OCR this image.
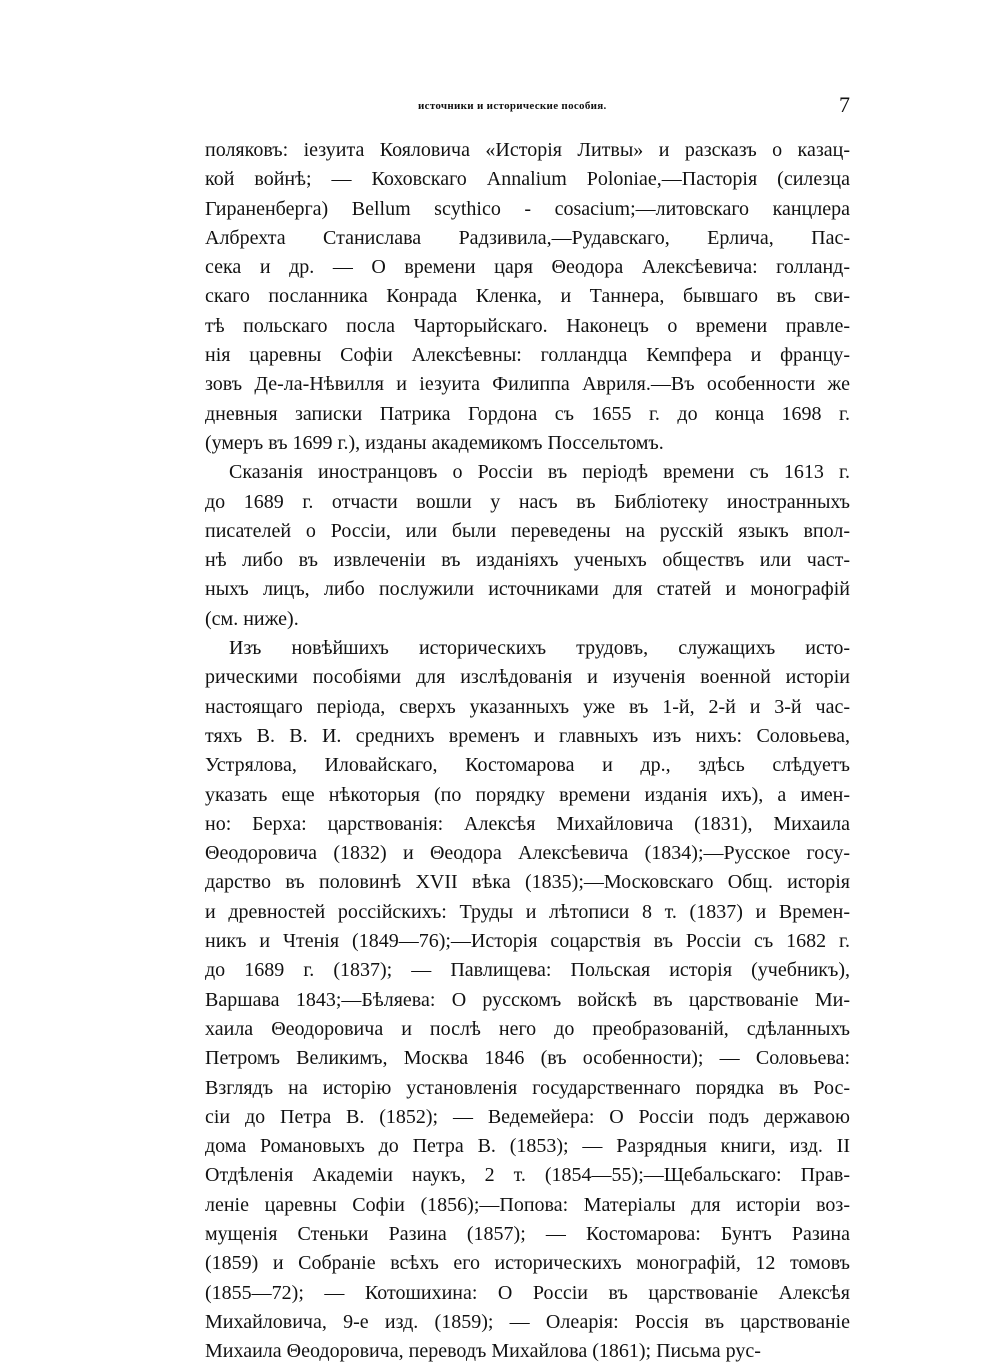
источники и исторические пособия.	7
поляковъ: іезуита Кояловича «Исторія Литвы» и разсказъ о казац-
кой войнѣ; — Коховскаго Annalium Poloniae,—Пасторія (силезца
Гираненберга) Bellum scythico - cosacium;—литовскаго канцлера
Албрехта Станислава Радзивила,—Рудавскаго, Ерлича, Пас-
сека и др. — О времени царя Θеодора Алексѣевича: голланд-
скаго посланника Конрада Кленка, и Таннера, бывшаго въ сви-
тѣ польскаго посла Чарторыйскаго. Наконецъ о времени правле-
нія царевны Софіи Алексѣевны: голландца Кемпфера и францу-
зовъ Де-ла-Нѣвилля и іезуита Филиппа Авриля.—Въ особенности же
дневныя записки Патрика Гордона съ 1655 г. до конца 1698 г.
(умеръ въ 1699 г.), изданы академикомъ Поссельтомъ.
Сказанія иностранцовъ о Россіи въ періодѣ времени съ 1613 г.
до 1689 г. отчасти вошли у насъ въ Библіотеку иностранныхъ
писателей о Россіи, или были переведены на русскій языкъ впол-
нѣ либо въ извлеченіи въ изданіяхъ ученыхъ обществъ или част-
ныхъ лицъ, либо послужили источниками для статей и монографій
(см. ниже).
Изъ новѣйшихъ историческихъ трудовъ, служащихъ исто-
рическими пособіями для изслѣдованія и изученія военной исторіи
настоящаго періода, сверхъ указанныхъ уже въ 1-й, 2-й и 3-й час-
тяхъ В. В. И. среднихъ временъ и главныхъ изъ нихъ: Соловьева,
Устрялова, Иловайскаго, Костомарова и др., здѣсь слѣдуетъ
указать еще нѣкоторыя (по порядку времени изданія ихъ), а имен-
но: Берха: царствованія: Алексѣя Михайловича (1831), Михаила
Θеодоровича (1832) и Θеодора Алексѣевича (1834);—Русское госу-
дарство въ половинѣ XVII вѣка (1835);—Московскаго Общ. исторія
и древностей россійскихъ: Труды и лѣтописи 8 т. (1837) и Времен-
никъ и Чтенія (1849—76);—Исторія соцарствія въ Россіи съ 1682 г.
до 1689 г. (1837); — Павлищева: Польская исторія (учебникъ),
Варшава 1843;—Бѣляева: О русскомъ войскѣ въ царствованіе Ми-
хаила Θеодоровича и послѣ него до преобразованій, сдѣланныхъ
Петромъ Великимъ, Москва 1846 (въ особенности); — Соловьева:
Взглядъ на исторію установленія государственнаго порядка въ Рос-
сіи до Петра В. (1852); — Ведемейера: О Россіи подъ державою
дома Романовыхъ до Петра В. (1853); — Разрядныя книги, изд. II
Отдѣленія Академіи наукъ, 2 т. (1854—55);—Щебальскаго: Прав-
леніе царевны Софіи (1856);—Попова: Матеріалы для исторіи воз-
мущенія Стеньки Разина (1857); — Костомарова: Бунтъ Разина
(1859) и Собраніе всѣхъ его историческихъ монографій, 12 томовъ
(1855—72); — Котошихина: О Россіи въ царствованіе Алексѣя
Михайловича, 9-е изд. (1859); — Олеарія: Россія въ царствованіе
Михаила Θеодоровича, переводъ Михайлова (1861); Письма рус-
